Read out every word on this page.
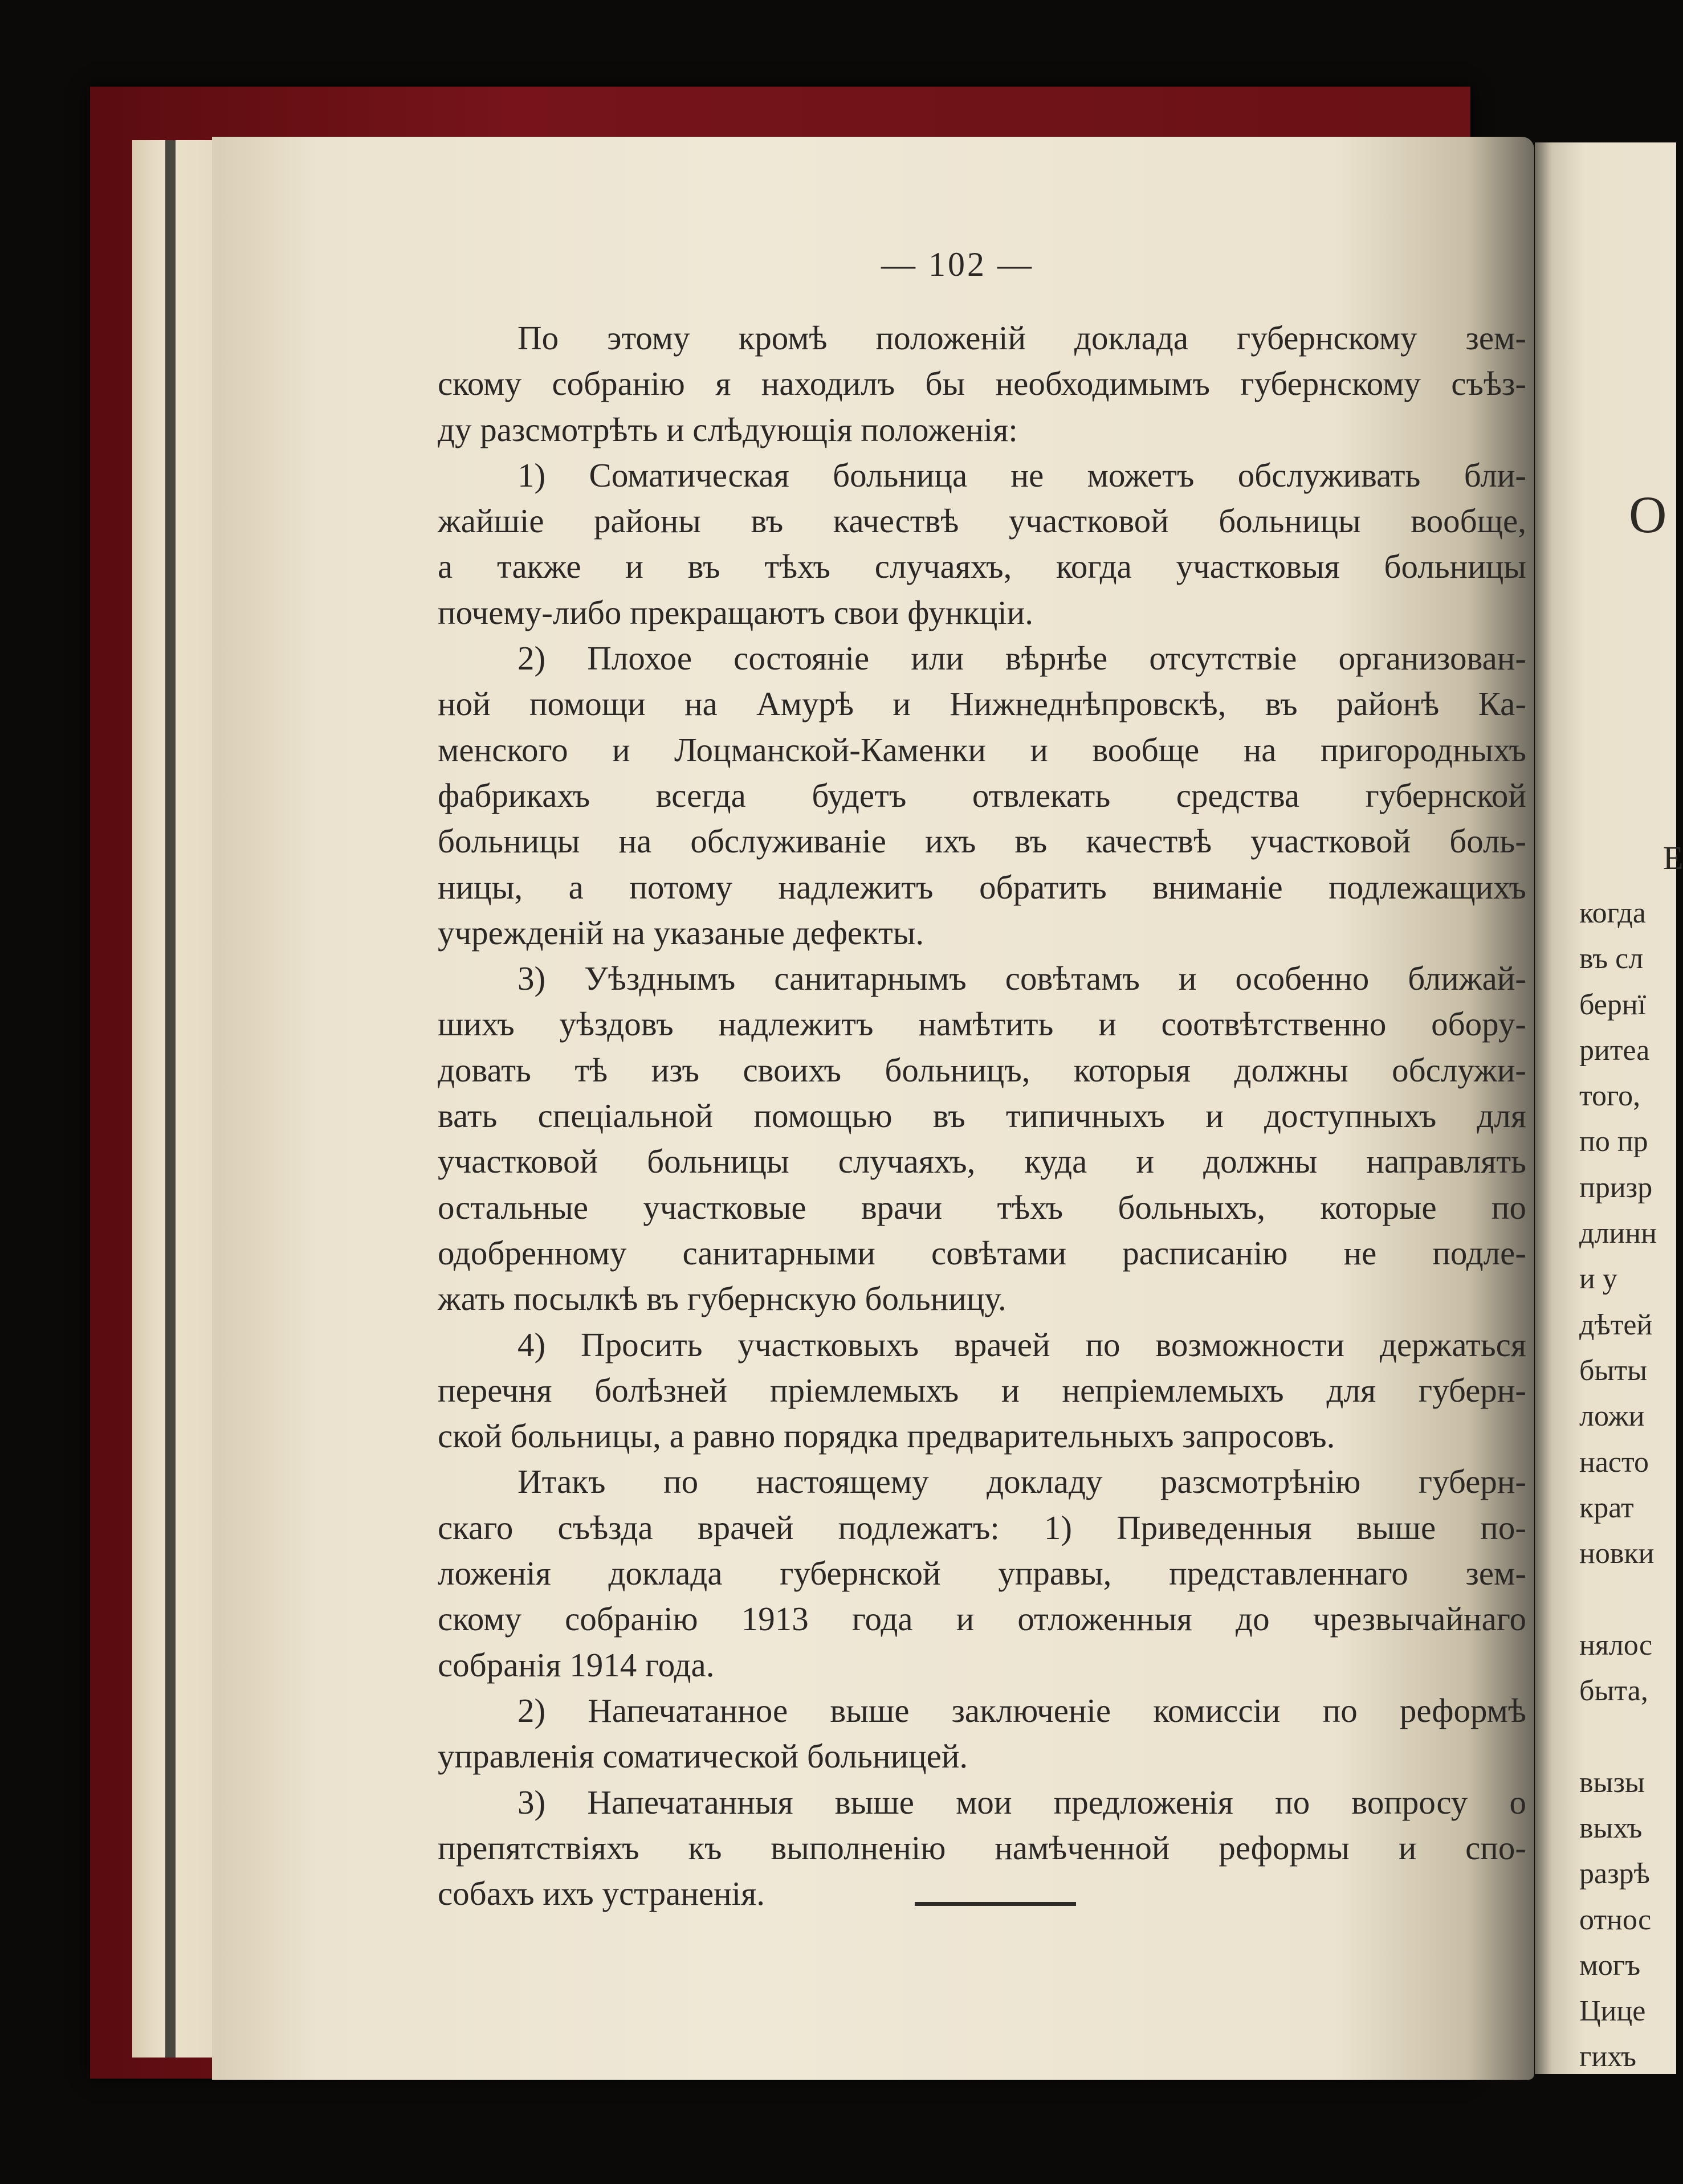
— 102 —
По этому кромѣ положеній доклада губернскому зем-
скому собранію я находилъ бы необходимымъ губернскому съѣз-
ду разсмотрѣть и слѣдующія положенія:
1) Соматическая больница не можетъ обслуживать бли-
жайшіе районы въ качествѣ участковой больницы вообще,
а также и въ тѣхъ случаяхъ, когда участковыя больницы
почему-либо прекращаютъ свои функціи.
2) Плохое состояніе или вѣрнѣе отсутствіе организован-
ной помощи на Амурѣ и Нижнеднѣпровскѣ, въ районѣ Ка-
менского и Лоцманской-Каменки и вообще на пригородныхъ
фабрикахъ всегда будетъ отвлекать средства губернской
больницы на обслуживаніе ихъ въ качествѣ участковой боль-
ницы, а потому надлежитъ обратить вниманіе подлежащихъ
учрежденій на указаные дефекты.
3) Уѣзднымъ санитарнымъ совѣтамъ и особенно ближай-
шихъ уѣздовъ надлежитъ намѣтить и соотвѣтственно обору-
довать тѣ изъ своихъ больницъ, которыя должны обслужи-
вать спеціальной помощью въ типичныхъ и доступныхъ для
участковой больницы случаяхъ, куда и должны направлять
остальные участковые врачи тѣхъ больныхъ, которые по
одобренному санитарными совѣтами расписанію не подле-
жать посылкѣ въ губернскую больницу.
4) Просить участковыхъ врачей по возможности держаться
перечня болѣзней пріемлемыхъ и непріемлемыхъ для губерн-
ской больницы, а равно порядка предварительныхъ запросовъ.
Итакъ по настоящему докладу разсмотрѣнію губерн-
скаго съѣзда врачей подлежатъ: 1) Приведенныя выше по-
ложенія доклада губернской управы, представленнаго зем-
скому собранію 1913 года и отложенныя до чрезвычайнаго
собранія 1914 года.
2) Напечатанное выше заключеніе комиссіи по реформѣ
управленія соматической больницей.
3) Напечатанныя выше мои предложенія по вопросу о
препятствіяхъ къ выполненію намѣченной реформы и спо-
собахъ ихъ устраненія.
О
Е
когда
въ сл
бернї
ритеа
того,
по пр
призр
длинн
и у
дѣтей
быты
ложи
насто
крат
новки
нялос
быта,
вызы
выхъ
разрѣ
относ
могъ
Цице
гихъ
